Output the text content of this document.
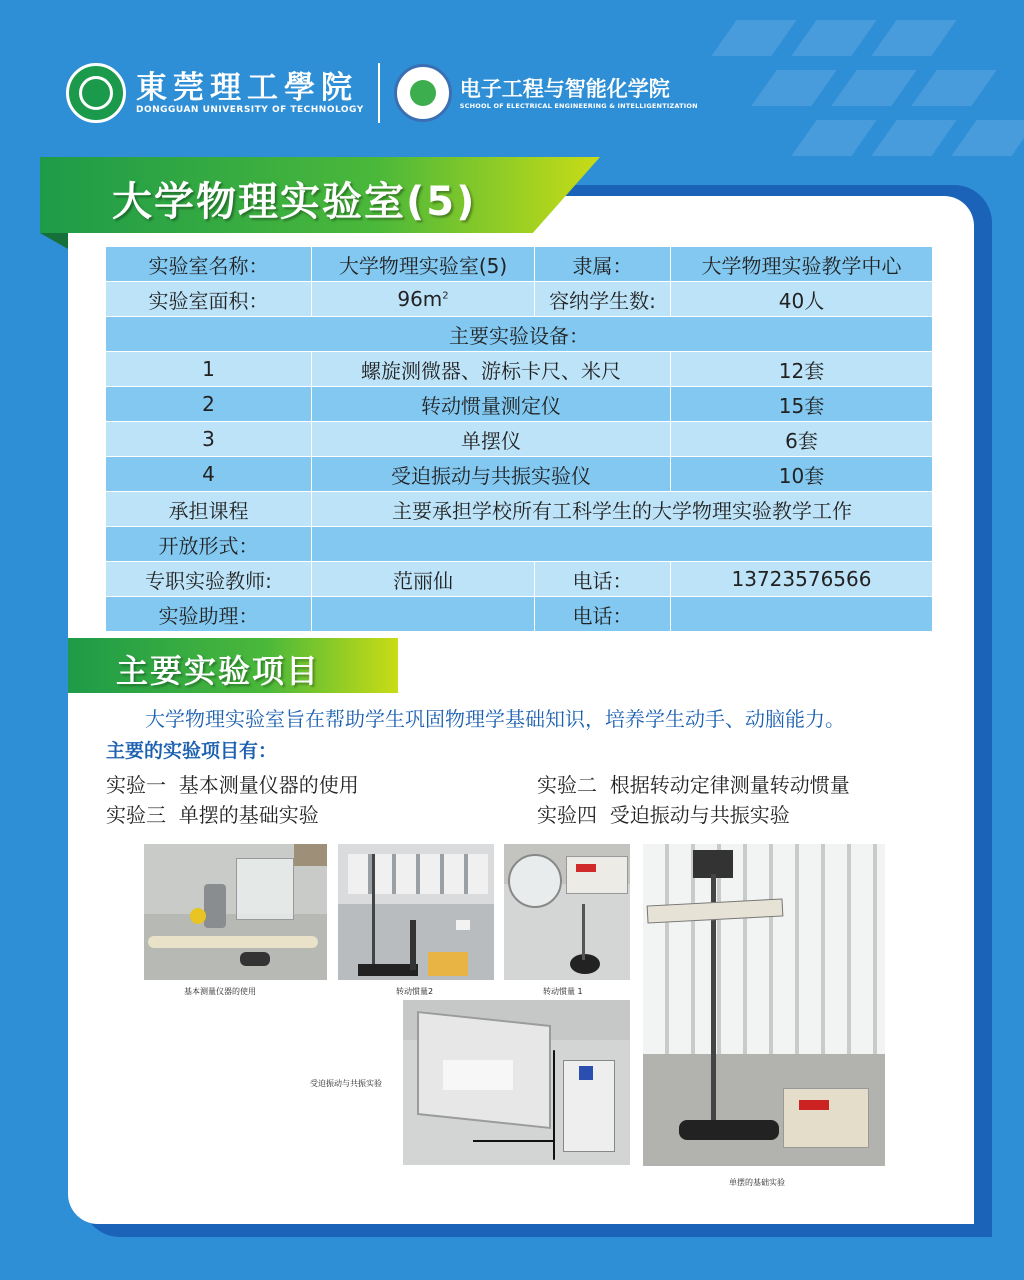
東莞理工學院
DONGGUAN UNIVERSITY OF TECHNOLOGY
电子工程与智能化学院
SCHOOL OF ELECTRICAL ENGINEERING & INTELLIGENTIZATION
大学物理实验室(5)
实验室名称：	大学物理实验室(5)	隶属：	大学物理实验教学中心
实验室面积：	$96m^2$	容纳学生数:	40人
主要实验设备：			
1	螺旋测微器、游标卡尺、米尺		12套
2	转动惯量测定仪		15套
3	单摆仪		6套
4	受迫振动与共振实验仪		10套
承担课程	主要承担学校所有工科学生的大学物理实验教学工作		
开放形式：			
专职实验教师:	范丽仙	电话：	13723576566
实验助理：		电话：	
主要实验项目
大学物理实验室旨在帮助学生巩固物理学基础知识，培养学生动手、动脑能力。
主要的实验项目有：
实验一 基本测量仪器的使用	实验二 根据转动定律测量转动惯量
实验三 单摆的基础实验	实验四 受迫振动与共振实验
基本测量仪器的使用	转动惯量2	转动惯量 1
受迫振动与共振实验
单摆的基础实验
